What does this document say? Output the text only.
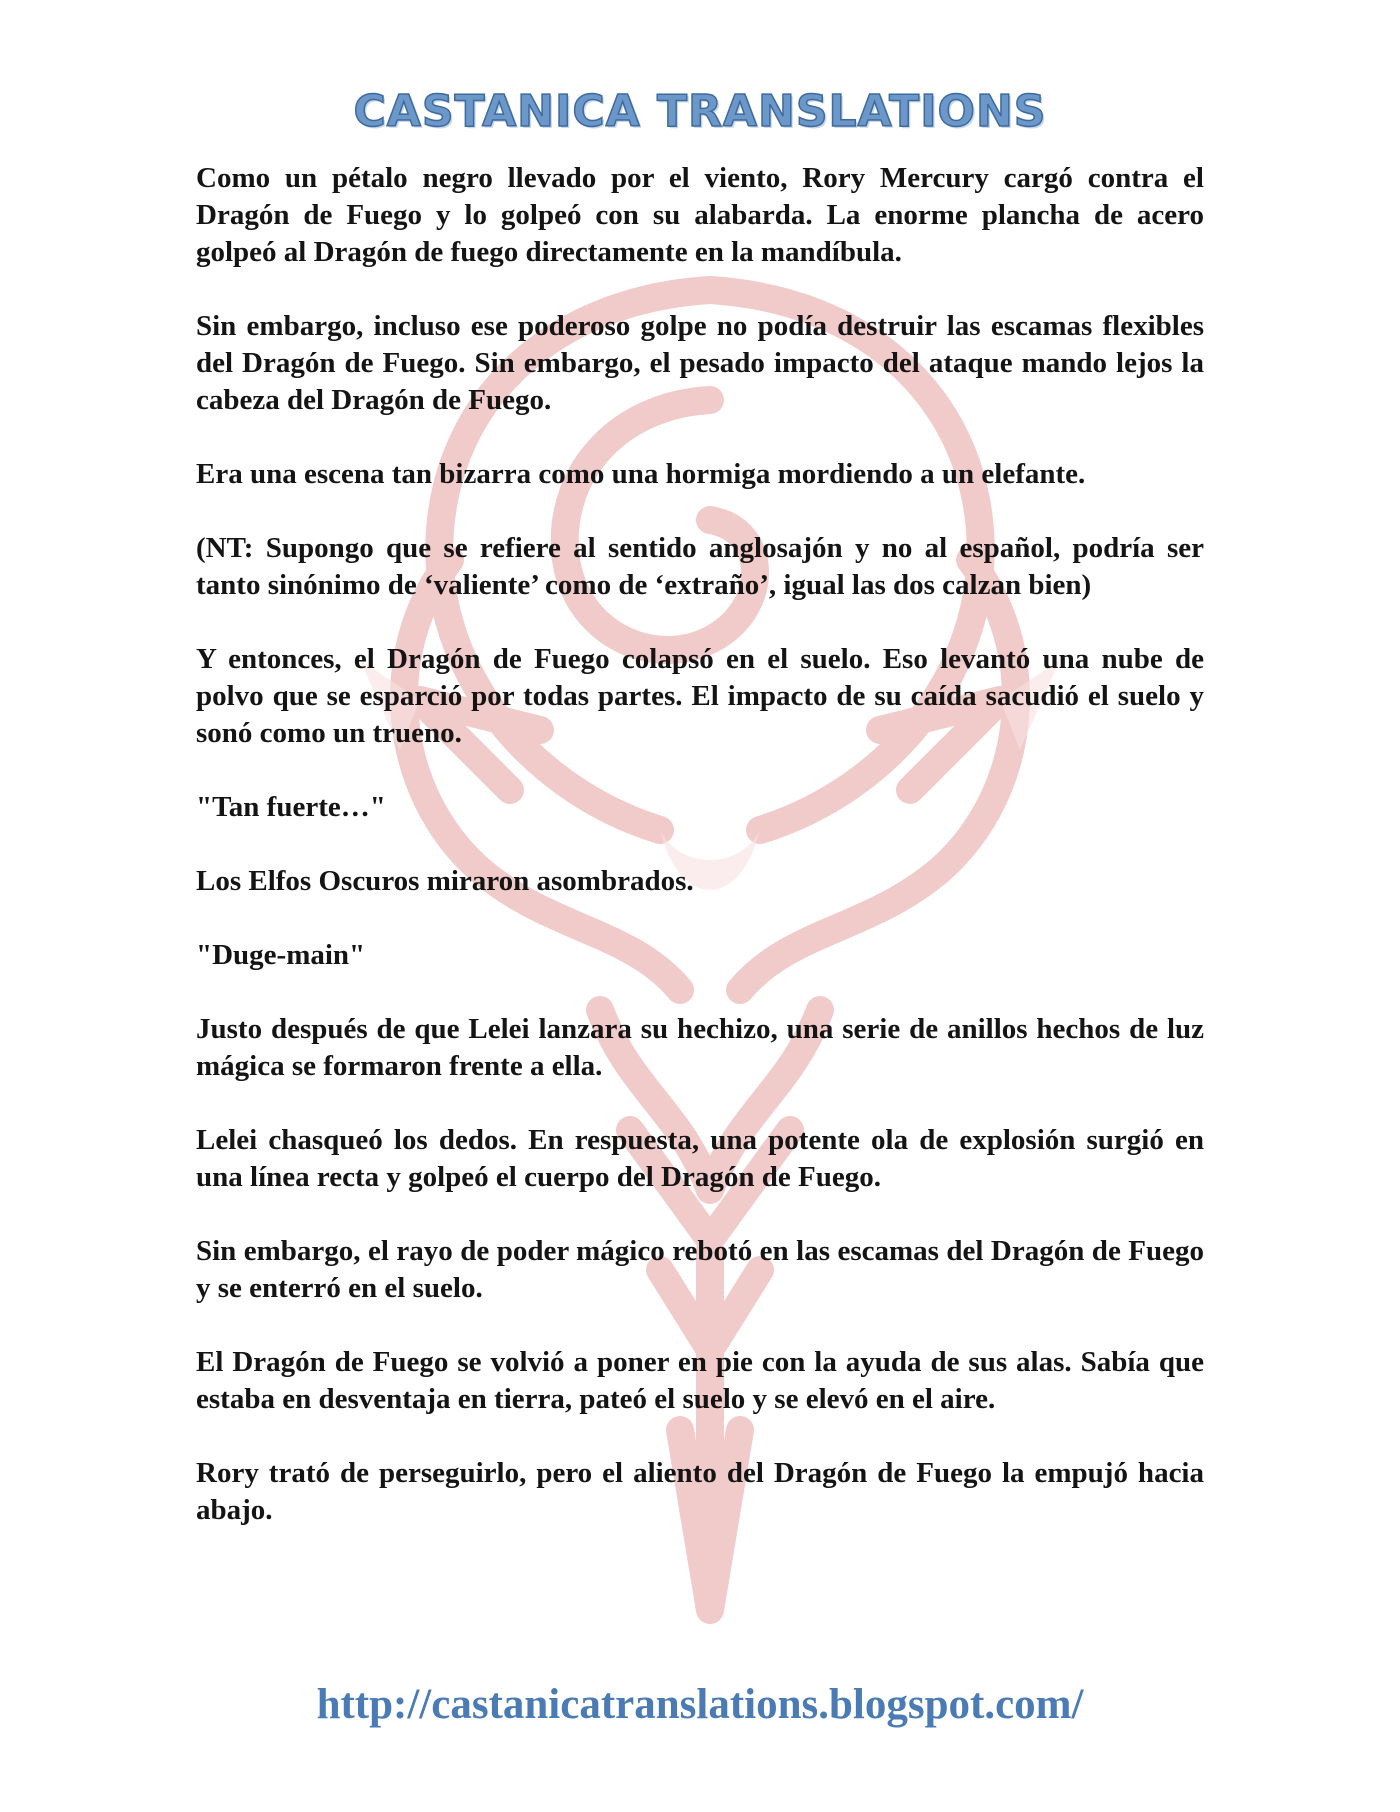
CASTANICA TRANSLATIONS

Como un pétalo negro llevado por el viento, Rory Mercury cargó contra el Dragón de Fuego y lo golpeó con su alabarda. La enorme plancha de acero golpeó al Dragón de fuego directamente en la mandíbula.

Sin embargo, incluso ese poderoso golpe no podía destruir las escamas flexibles del Dragón de Fuego. Sin embargo, el pesado impacto del ataque mando lejos la cabeza del Dragón de Fuego.

Era una escena tan bizarra como una hormiga mordiendo a un elefante.

(NT: Supongo que se refiere al sentido anglosajón y no al español, podría ser tanto sinónimo de ‘valiente’ como de ‘extraño’, igual las dos calzan bien)

Y entonces, el Dragón de Fuego colapsó en el suelo. Eso levantó una nube de polvo que se esparció por todas partes. El impacto de su caída sacudió el suelo y sonó como un trueno.

"Tan fuerte…"

Los Elfos Oscuros miraron asombrados.

"Duge-main"

Justo después de que Lelei lanzara su hechizo, una serie de anillos hechos de luz mágica se formaron frente a ella.

Lelei chasqueó los dedos. En respuesta, una potente ola de explosión surgió en una línea recta y golpeó el cuerpo del Dragón de Fuego.

Sin embargo, el rayo de poder mágico rebotó en las escamas del Dragón de Fuego y se enterró en el suelo.

El Dragón de Fuego se volvió a poner en pie con la ayuda de sus alas. Sabía que estaba en desventaja en tierra, pateó el suelo y se elevó en el aire.

Rory trató de perseguirlo, pero el aliento del Dragón de Fuego la empujó hacia abajo.

http://castanicatranslations.blogspot.com/
